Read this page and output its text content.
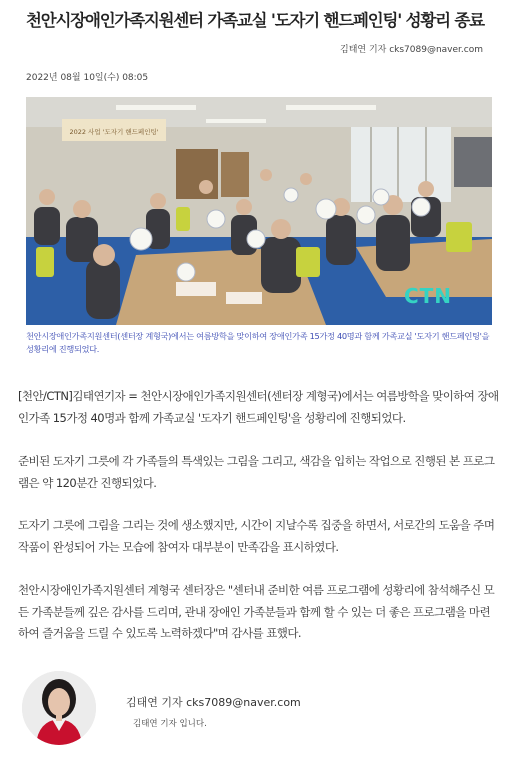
천안시장애인가족지원센터 가족교실 '도자기 핸드페인팅' 성황리 종료
김태연 기자 cks7089@naver.com
2022년 08월 10일(수) 08:05
2022 사업 '도자기 핸드페인팅'
CTN
천안시장애인가족지원센터(센터장 계형국)에서는 여름방학을 맞이하여 장애인가족 15가정 40명과 함께 가족교실 '도자기 핸드페인팅'을 성황리에 진행되었다.

[천안/CTN]김태연기자 = 천안시장애인가족지원센터(센터장 계형국)에서는 여름방학을 맞이하여 장애인가족 15가정 40명과 함께 가족교실 '도자기 핸드페인팅'을 성황리에 진행되었다.

준비된 도자기 그릇에 각 가족들의 특색있는 그림을 그리고, 색감을 입히는 작업으로 진행된 본 프로그램은 약 120분간 진행되었다.

도자기 그릇에 그림을 그리는 것에 생소했지만, 시간이 지날수록 집중을 하면서, 서로간의 도움을 주며 작품이 완성되어 가는 모습에 참여자 대부분이 만족감을 표시하였다.

천안시장애인가족지원센터 계형국 센터장은 "센터내 준비한 여름 프로그램에 성황리에 참석해주신 모든 가족분들께 깊은 감사를 드리며, 관내 장애인 가족분들과 함께 할 수 있는 더 좋은 프로그램을 마련하여 즐거움을 드릴 수 있도록 노력하겠다"며 감사를 표했다.

김태연 기자 cks7089@naver.com
김태연 기자 입니다.
